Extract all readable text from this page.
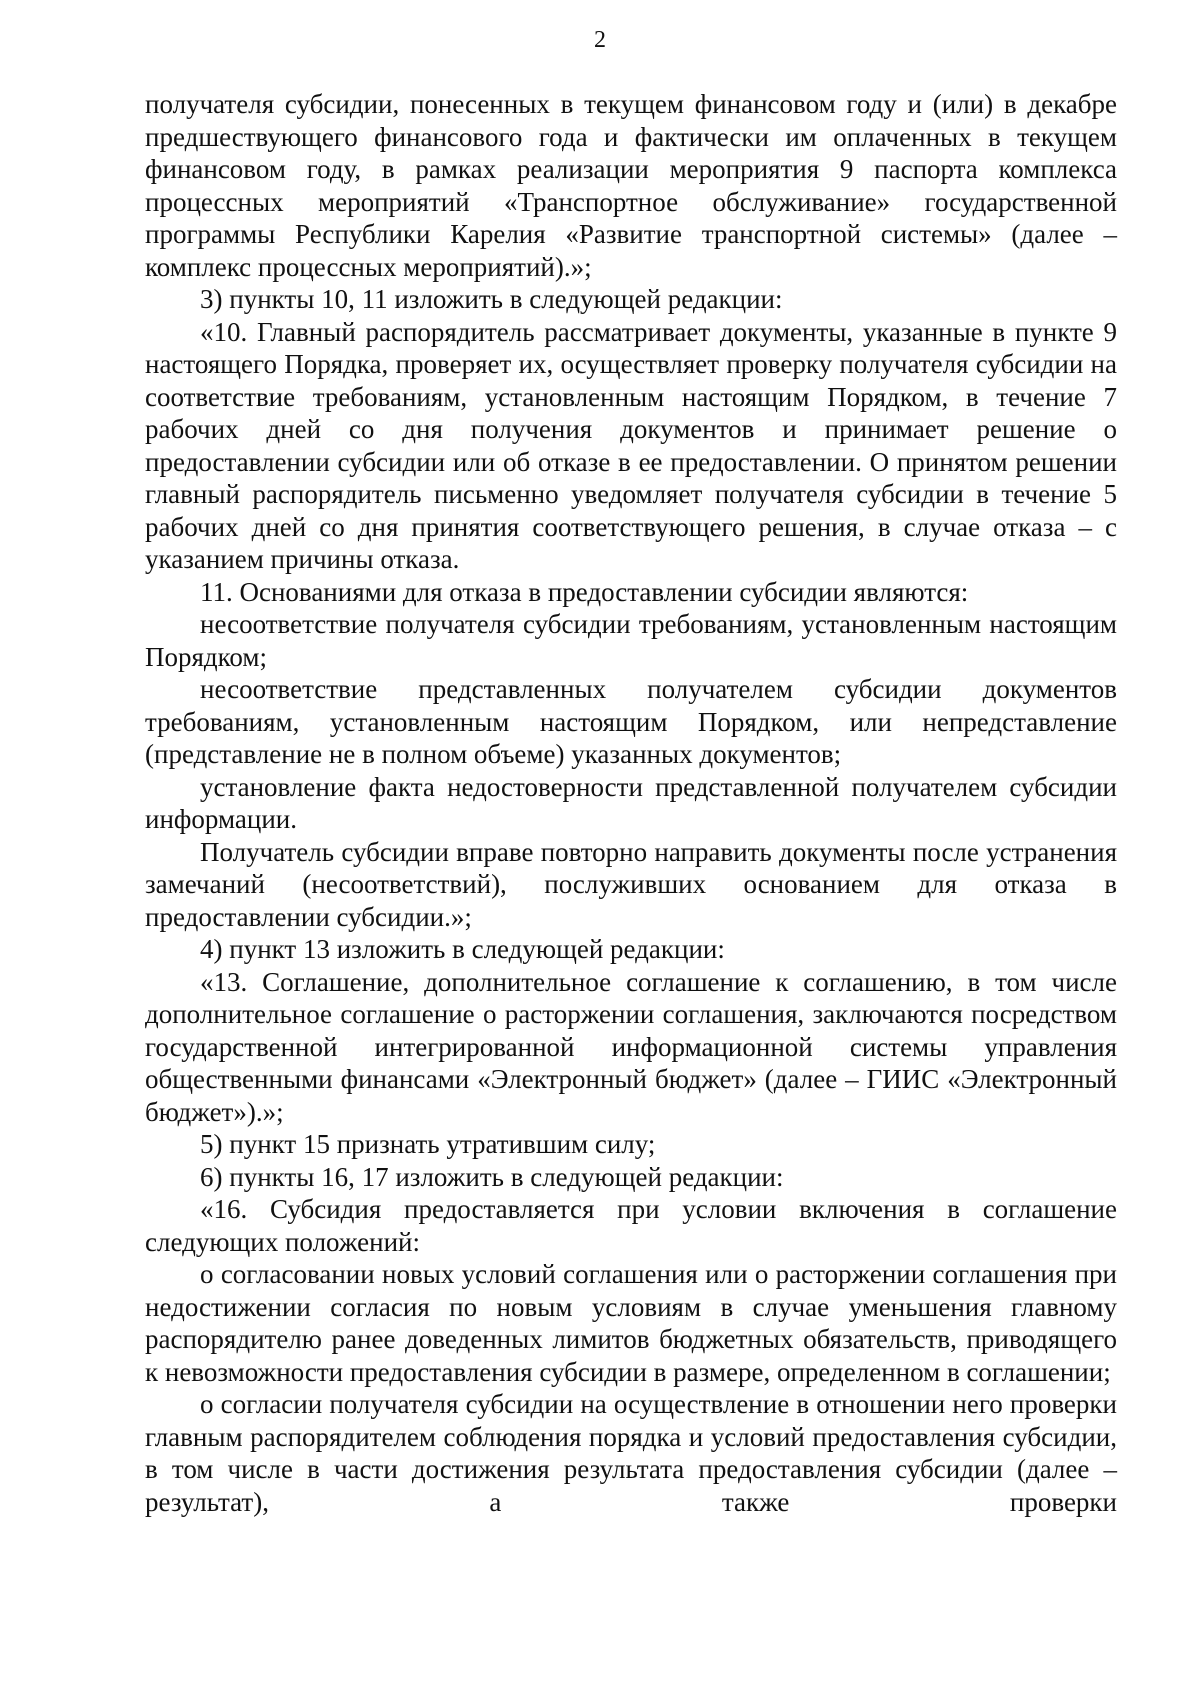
2

получателя субсидии, понесенных в текущем финансовом году и (или) в декабре предшествующего финансового года и фактически им оплаченных в текущем финансовом году, в рамках реализации мероприятия 9 паспорта комплекса процессных мероприятий «Транспортное обслуживание» государственной программы Республики Карелия «Развитие транспортной системы» (далее – комплекс процессных мероприятий).»;

3) пункты 10, 11 изложить в следующей редакции:

«10. Главный распорядитель рассматривает документы, указанные в пункте 9 настоящего Порядка, проверяет их, осуществляет проверку получателя субсидии на соответствие требованиям, установленным настоящим Порядком, в течение 7 рабочих дней со дня получения документов и принимает решение о предоставлении субсидии или об отказе в ее предоставлении. О принятом решении главный распорядитель письменно уведомляет получателя субсидии в течение 5 рабочих дней со дня принятия соответствующего решения, в случае отказа – с указанием причины отказа.

11. Основаниями для отказа в предоставлении субсидии являются:

несоответствие получателя субсидии требованиям, установленным настоящим Порядком;

несоответствие представленных получателем субсидии документов требованиям, установленным настоящим Порядком, или непредставление (представление не в полном объеме) указанных документов;

установление факта недостоверности представленной получателем субсидии информации.

Получатель субсидии вправе повторно направить документы после устранения замечаний (несоответствий), послуживших основанием для отказа в предоставлении субсидии.»;

4) пункт 13 изложить в следующей редакции:

«13. Соглашение, дополнительное соглашение к соглашению, в том числе дополнительное соглашение о расторжении соглашения, заключаются посредством государственной интегрированной информационной системы управления общественными финансами «Электронный бюджет» (далее – ГИИС «Электронный бюджет»).»;

5) пункт 15 признать утратившим силу;

6) пункты 16, 17 изложить в следующей редакции:

«16. Субсидия предоставляется при условии включения в соглашение следующих положений:

о согласовании новых условий соглашения или о расторжении соглашения при недостижении согласия по новым условиям в случае уменьшения главному распорядителю ранее доведенных лимитов бюджетных обязательств, приводящего к невозможности предоставления субсидии в размере, определенном в соглашении;

о согласии получателя субсидии на осуществление в отношении него проверки главным распорядителем соблюдения порядка и условий предоставления субсидии, в том числе в части достижения результата предоставления субсидии (далее – результат), а также проверки
